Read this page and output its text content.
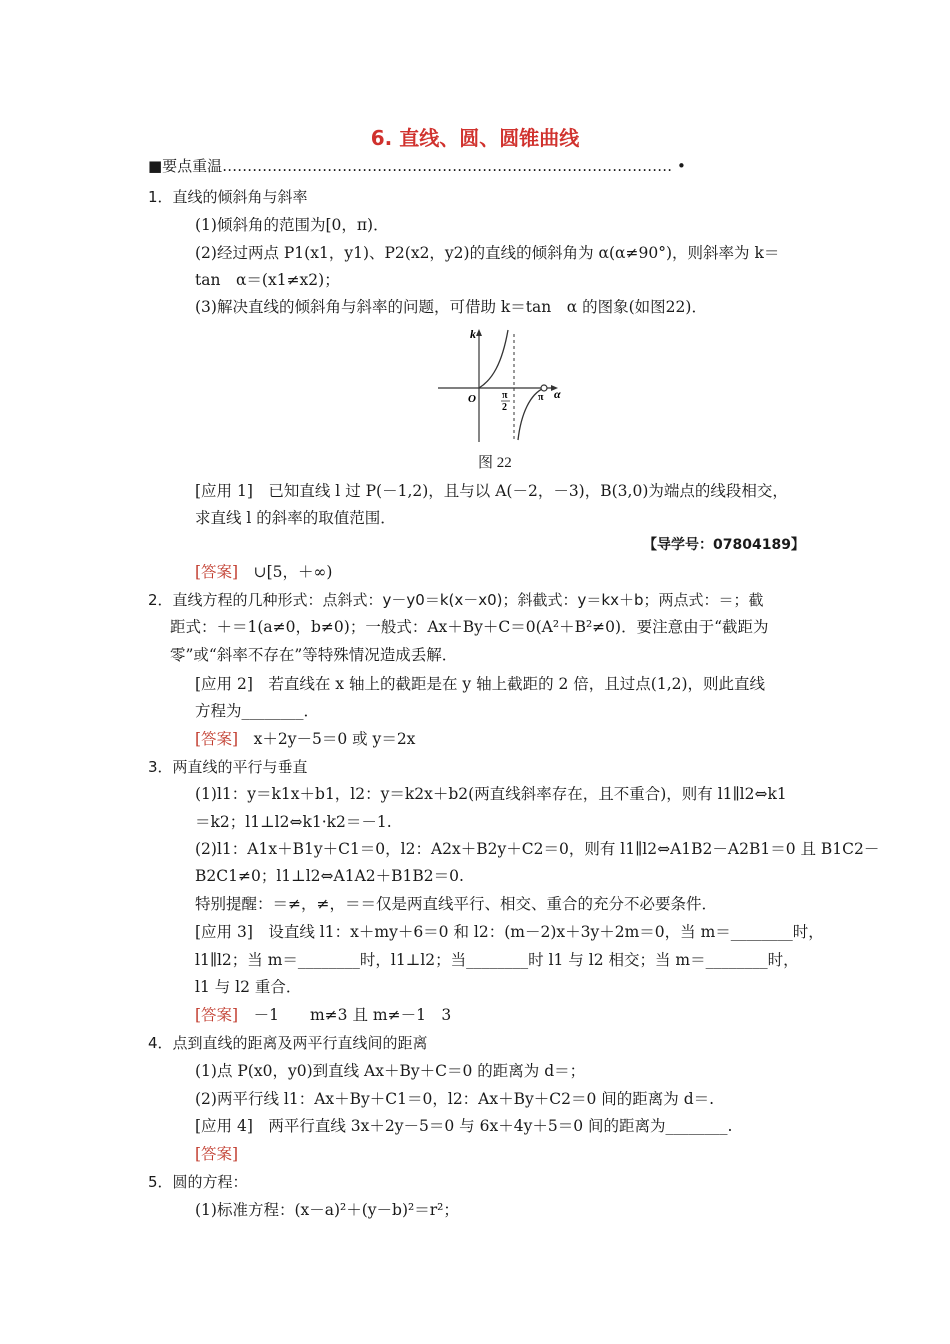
6. 直线、圆、圆锥曲线
■要点重温……………………………………………………………………………… •
1．直线的倾斜角与斜率
(1)倾斜角的范围为[0，π)．
(2)经过两点 P1(x1，y1)、P2(x2，y2)的直线的倾斜角为 α(α≠90°)，则斜率为 k＝
tan　α＝(x1≠x2)；
(3)解决直线的倾斜角与斜率的问题，可借助 k＝tan　α 的图象(如图22)．
k
α
O	π
2
π
图 22
[应用 1]　已知直线 l 过 P(－1,2)，且与以 A(－2，－3)，B(3,0)为端点的线段相交，
求直线 l 的斜率的取值范围．
【导学号：07804189】
[答案]　 ∪[5，＋∞)
2．直线方程的几种形式：点斜式：y－y0＝k(x－x0)；斜截式：y＝kx＋b；两点式：＝；截
距式：＋＝1(a≠0，b≠0)；一般式：Ax＋By＋C＝0(A²＋B²≠0)．要注意由于“截距为
零”或“斜率不存在”等特殊情况造成丢解．
[应用 2]　若直线在 x 轴上的截距是在 y 轴上截距的 2 倍，且过点(1,2)，则此直线
方程为________．
[答案]　 x＋2y－5＝0 或 y＝2x
3．两直线的平行与垂直
(1)l1：y＝k1x＋b1，l2：y＝k2x＋b2(两直线斜率存在，且不重合)，则有 l1∥l2⇔k1
＝k2；l1⊥l2⇔k1·k2＝－1.
(2)l1：A1x＋B1y＋C1＝0，l2：A2x＋B2y＋C2＝0，则有 l1∥l2⇔A1B2－A2B1＝0 且 B1C2－
B2C1≠0；l1⊥l2⇔A1A2＋B1B2＝0.
特别提醒：＝≠，≠，＝＝仅是两直线平行、相交、重合的充分不必要条件．
[应用 3]　设直线 l1：x＋my＋6＝0 和 l2：(m－2)x＋3y＋2m＝0，当 m＝________时，
l1∥l2；当 m＝________时，l1⊥l2；当________时 l1 与 l2 相交；当 m＝________时，
l1 与 l2 重合．
[答案]　 －1　　m≠3 且 m≠－1　3
4．点到直线的距离及两平行直线间的距离
(1)点 P(x0，y0)到直线 Ax＋By＋C＝0 的距离为 d＝；
(2)两平行线 l1：Ax＋By＋C1＝0，l2：Ax＋By＋C2＝0 间的距离为 d＝.
[应用 4]　两平行直线 3x＋2y－5＝0 与 6x＋4y＋5＝0 间的距离为________.
[答案]
5．圆的方程：
(1)标准方程：(x－a)²＋(y－b)²＝r²；
